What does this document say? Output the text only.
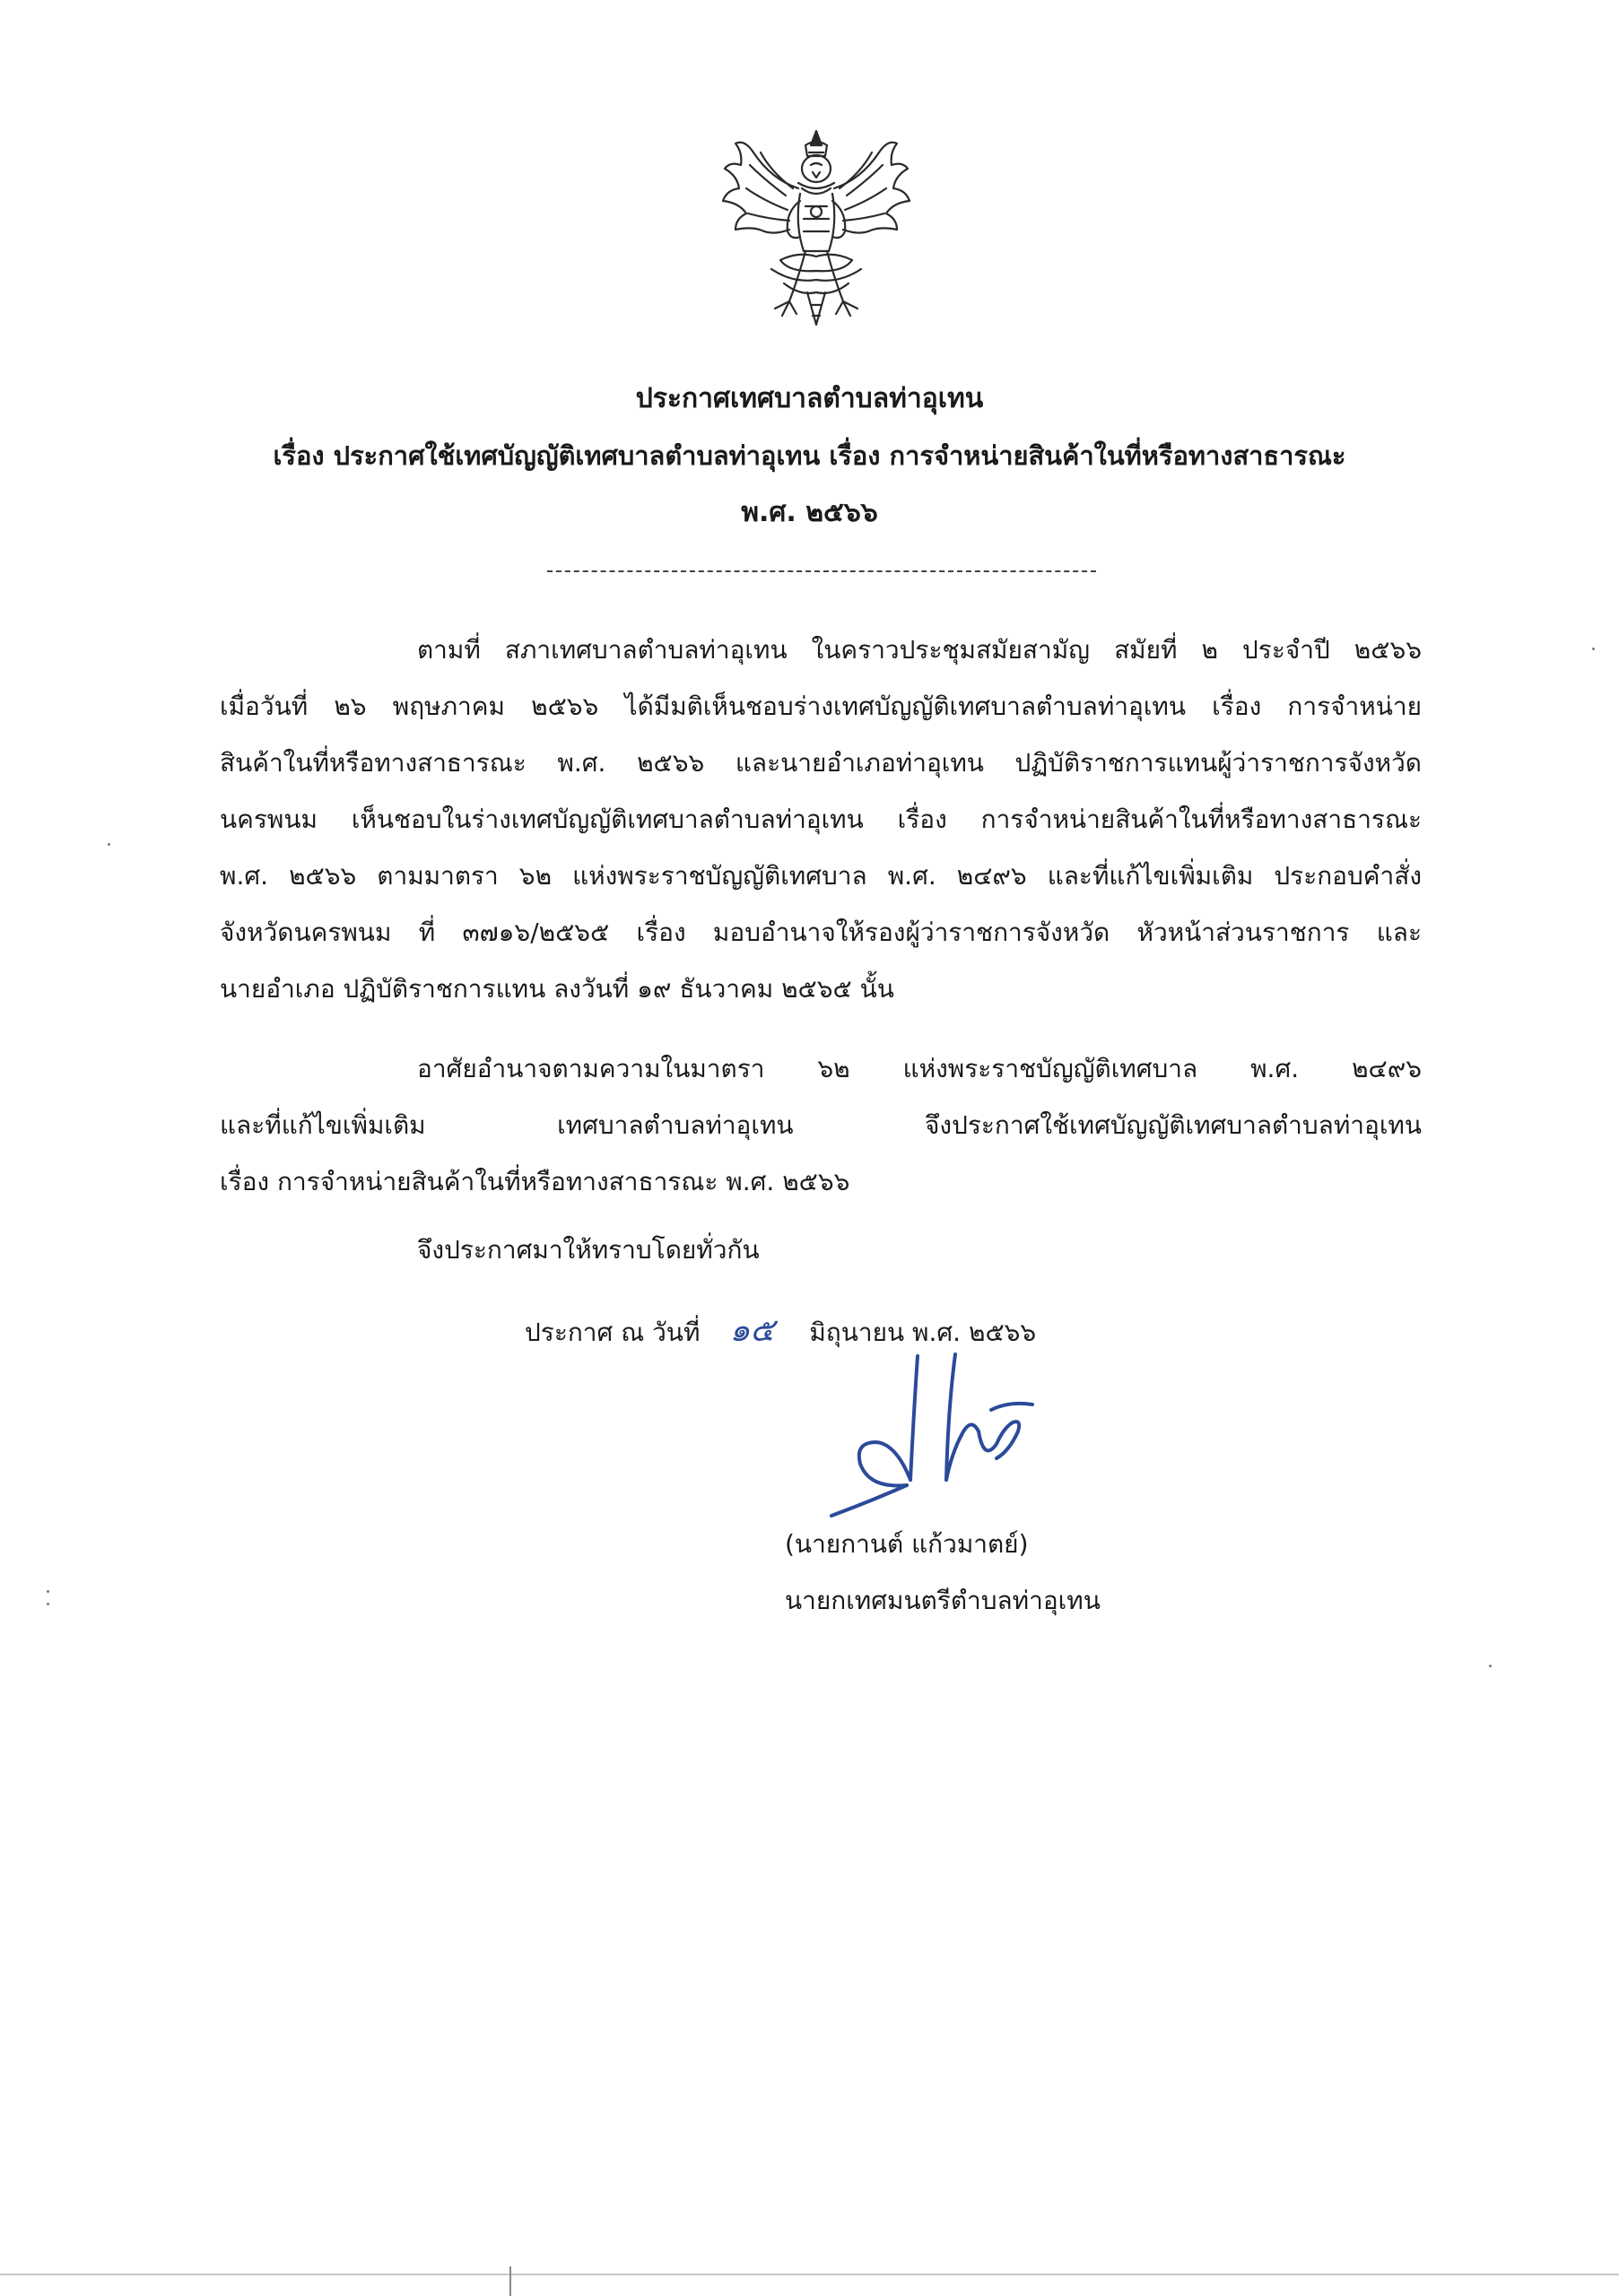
ประกาศเทศบาลตำบลท่าอุเทน
เรื่อง ประกาศใช้เทศบัญญัติเทศบาลตำบลท่าอุเทน เรื่อง การจำหน่ายสินค้าในที่หรือทางสาธารณะ
พ.ศ. ๒๕๖๖
ตามที่ สภาเทศบาลตำบลท่าอุเทน ในคราวประชุมสมัยสามัญ สมัยที่ ๒ ประจำปี ๒๕๖๖
เมื่อวันที่ ๒๖ พฤษภาคม ๒๕๖๖ ได้มีมติเห็นชอบร่างเทศบัญญัติเทศบาลตำบลท่าอุเทน เรื่อง การจำหน่าย
สินค้าในที่หรือทางสาธารณะ พ.ศ. ๒๕๖๖ และนายอำเภอท่าอุเทน ปฏิบัติราชการแทนผู้ว่าราชการจังหวัด
นครพนม เห็นชอบในร่างเทศบัญญัติเทศบาลตำบลท่าอุเทน เรื่อง การจำหน่ายสินค้าในที่หรือทางสาธารณะ
พ.ศ. ๒๕๖๖ ตามมาตรา ๖๒ แห่งพระราชบัญญัติเทศบาล พ.ศ. ๒๔๙๖ และที่แก้ไขเพิ่มเติม ประกอบคำสั่ง
จังหวัดนครพนม ที่ ๓๗๑๖/๒๕๖๕ เรื่อง มอบอำนาจให้รองผู้ว่าราชการจังหวัด หัวหน้าส่วนราชการ และ
นายอำเภอ ปฏิบัติราชการแทน ลงวันที่ ๑๙ ธันวาคม ๒๕๖๕ นั้น
อาศัยอำนาจตามความในมาตรา ๖๒ แห่งพระราชบัญญัติเทศบาล พ.ศ. ๒๔๙๖
และที่แก้ไขเพิ่มเติม เทศบาลตำบลท่าอุเทน จึงประกาศใช้เทศบัญญัติเทศบาลตำบลท่าอุเทน
เรื่อง การจำหน่ายสินค้าในที่หรือทางสาธารณะ พ.ศ. ๒๕๖๖
จึงประกาศมาให้ทราบโดยทั่วกัน
ประกาศ ณ วันที่ ๑๕ มิถุนายน พ.ศ. ๒๕๖๖
(นายกานต์ แก้วมาตย์)
นายกเทศมนตรีตำบลท่าอุเทน
